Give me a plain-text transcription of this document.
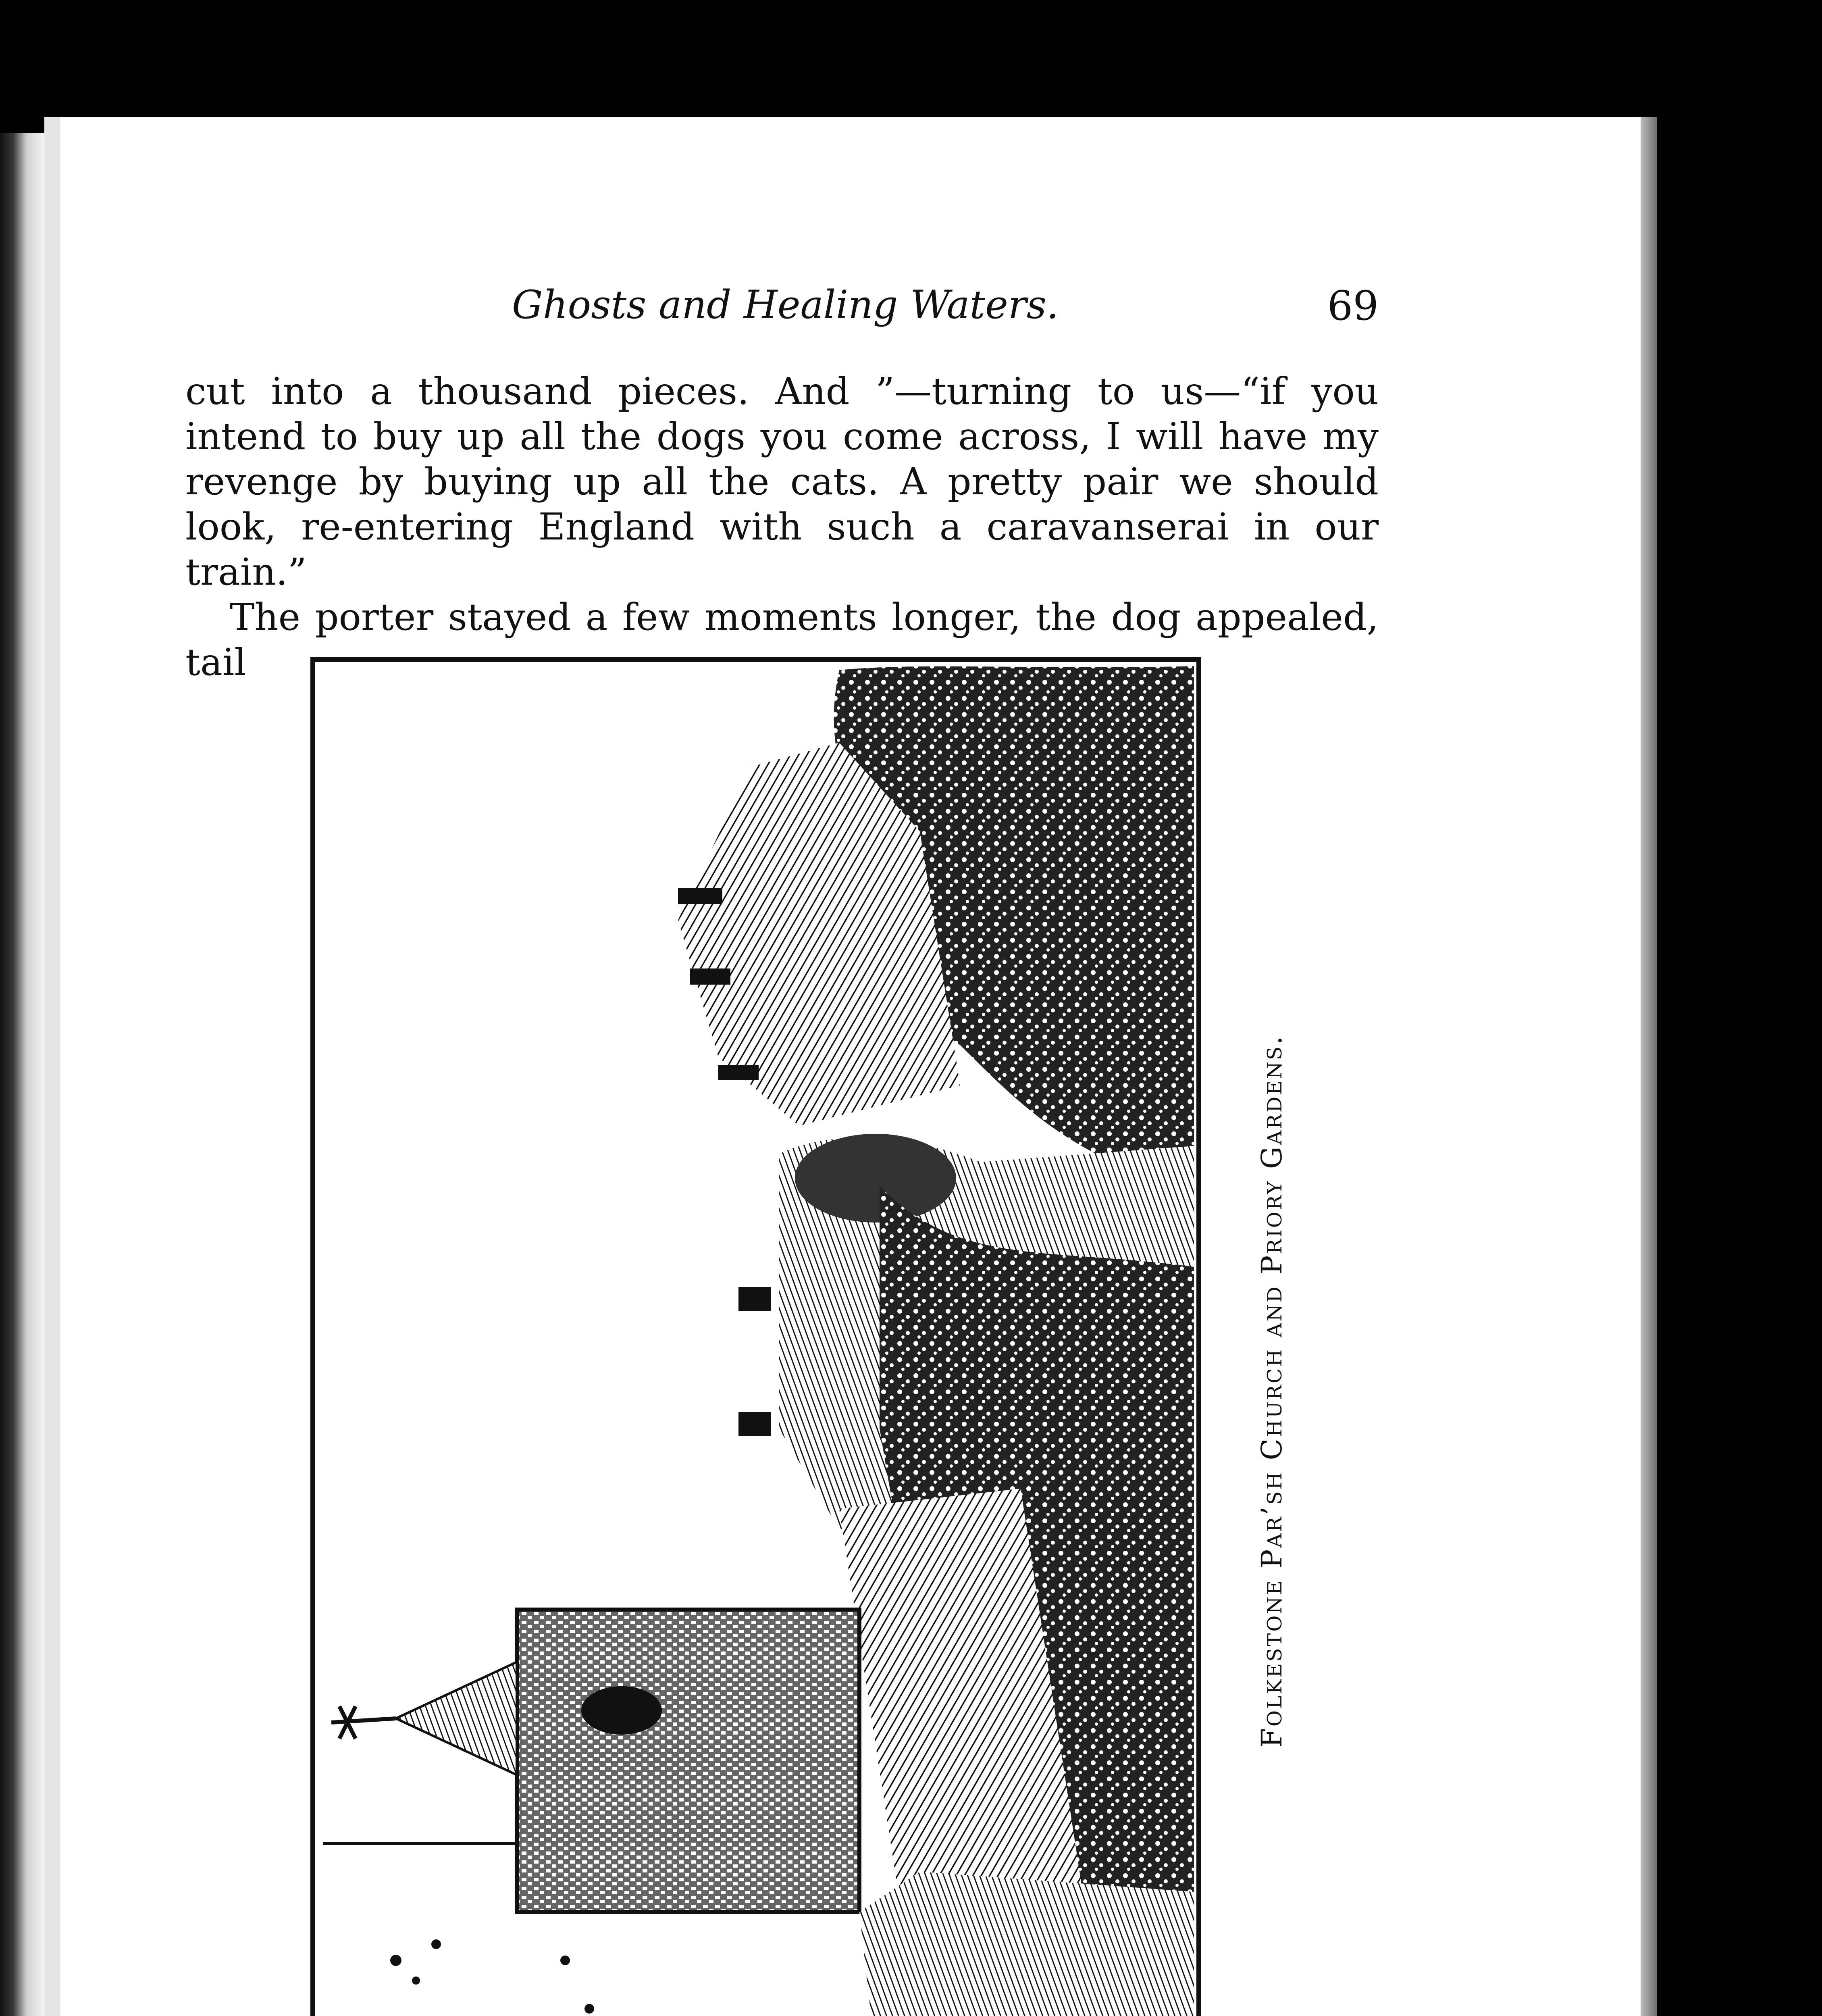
Ghosts and Healing Waters.	69

cut into a thousand pieces. And ”—turning to us—“if you intend to buy up all the dogs you come across, I will have my revenge by buying up all the cats. A pretty pair we should look, re-entering England with such a caravanserai in our train.”

The porter stayed a few moments longer, the dog appealed, tail

Folkestone Par’sh Church and Priory Gardens.
